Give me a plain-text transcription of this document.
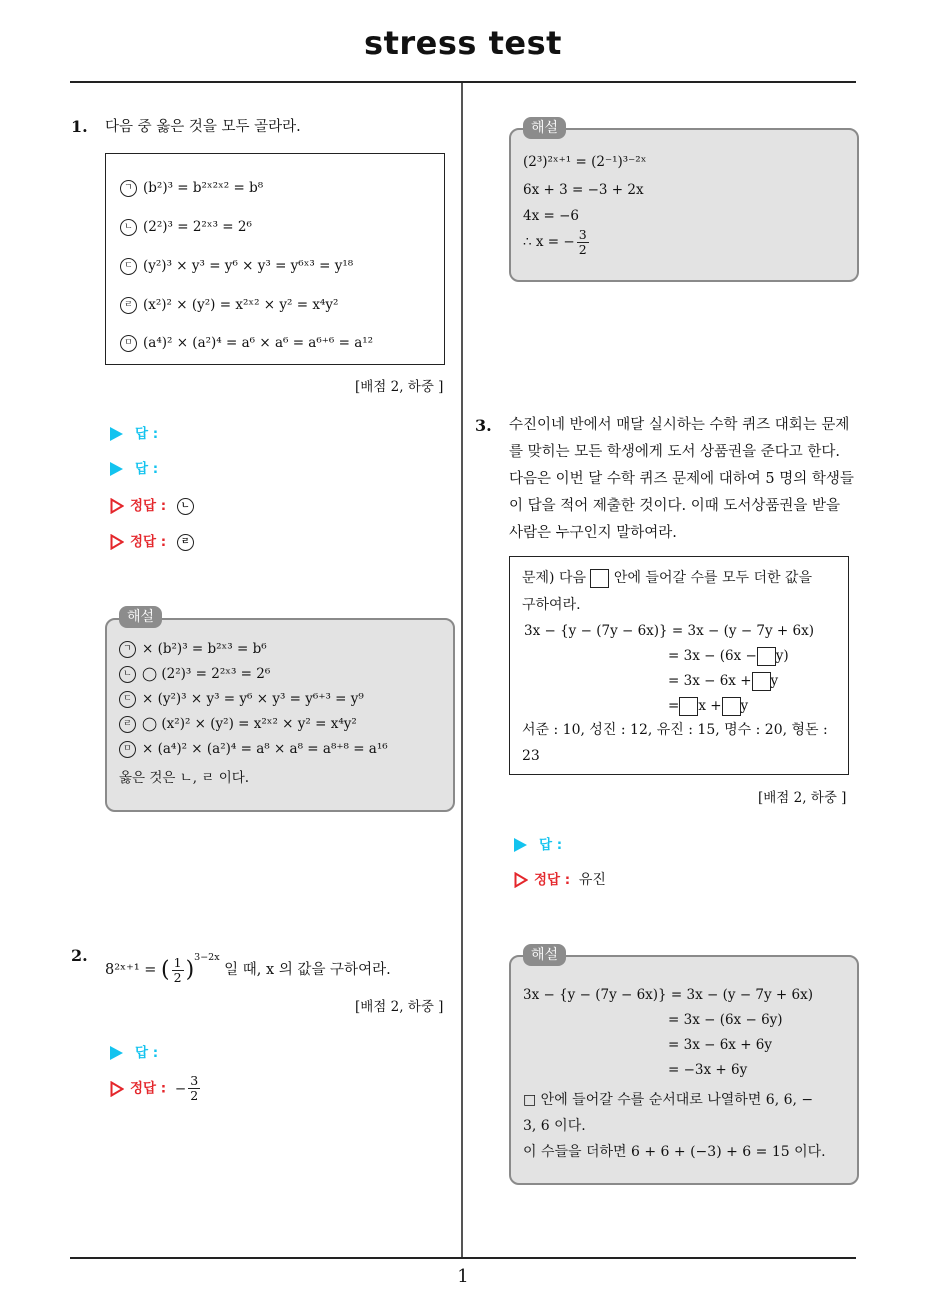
stress test
1
1. 다음 중 옳은 것을 모두 골라라.
ㄱ (b²)³ = b²ˣ²ˣ² = b⁸
ㄴ (2²)³ = 2²ˣ³ = 2⁶
ㄷ (y²)³ × y³ = y⁶ × y³ = y⁶ˣ³ = y¹⁸
ㄹ (x²)² × (y²) = x²ˣ² × y² = x⁴y²
ㅁ (a⁴)² × (a²)⁴ = a⁶ × a⁶ = a⁶⁺⁶ = a¹²
[배점 2, 하중 ]
답 :
답 :
정답 : ㄴ
정답 : ㄹ
ㄱ × (b²)³ = b²ˣ³ = b⁶
ㄴ ◯ (2²)³ = 2²ˣ³ = 2⁶
ㄷ × (y²)³ × y³ = y⁶ × y³ = y⁶⁺³ = y⁹
ㄹ ◯ (x²)² × (y²) = x²ˣ² × y² = x⁴y²
ㅁ × (a⁴)² × (a²)⁴ = a⁸ × a⁸ = a⁸⁺⁸ = a¹⁶
옳은 것은 ㄴ, ㄹ 이다.
해설
2.
8²ˣ⁺¹ = ( $\frac{1}{2} )^{3-2x}$ 일 때, x 의 값을 구하여라.
[배점 2, 하중 ]
답 :
정답 : − $\frac{3}{2}$
(2³)²ˣ⁺¹ = (2⁻¹)³⁻²ˣ
6x + 3 = −3 + 2x
4x = −6
∴ x = − $\frac{3}{2}$
해설
3. 수진이네 반에서 매달 실시하는 수학 퀴즈 대회는 문제
를 맞히는 모든 학생에게 도서 상품권을 준다고 한다.
다음은 이번 달 수학 퀴즈 문제에 대하여 5 명의 학생들
이 답을 적어 제출한 것이다. 이때 도서상품권을 받을
사람은 누구인지 말하여라.
문제) 다음 안에 들어갈 수를 모두 더한 값을
구하여라.
3x − {y − (7y − 6x)} = 3x − (y − 7y + 6x)
= 3x − (6x − y)
= 3x − 6x + y
= x + y
서준 : 10, 성진 : 12, 유진 : 15, 명수 : 20, 형돈 :
23
[배점 2, 하중 ]
답 :
정답 : 유진
3x − {y − (7y − 6x)} = 3x − (y − 7y + 6x)
= 3x − (6x − 6y)
= 3x − 6x + 6y
= −3x + 6y
□ 안에 들어갈 수를 순서대로 나열하면 6, 6, −
3, 6 이다.
이 수들을 더하면 6 + 6 + (−3) + 6 = 15 이다.
해설
